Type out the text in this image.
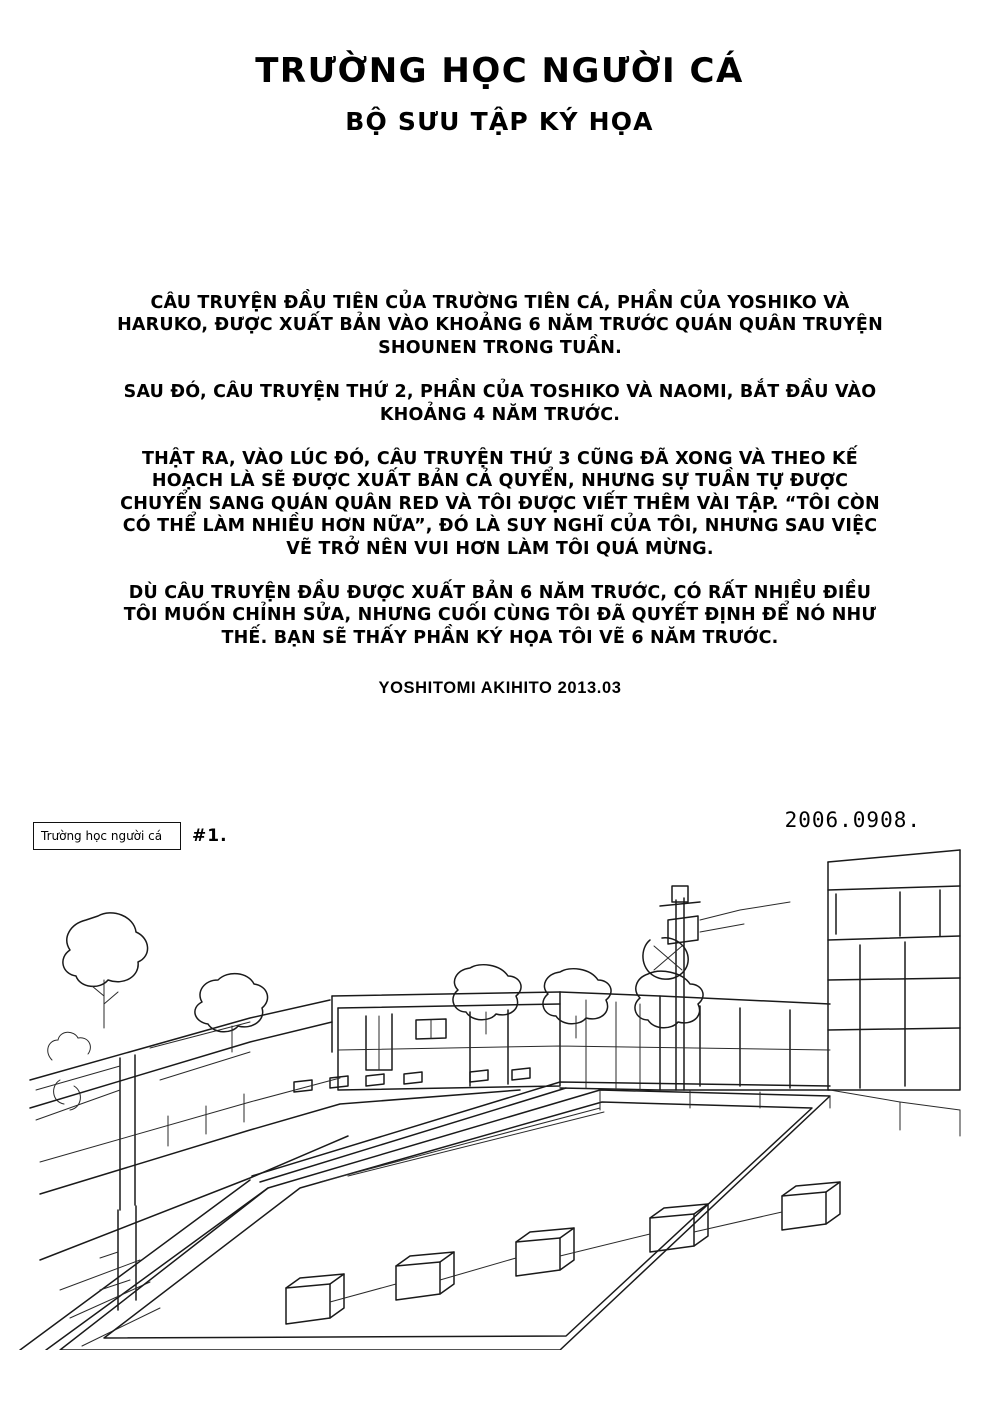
TRƯỜNG HỌC NGƯỜI CÁ
BỘ SƯU TẬP KÝ HỌA

CÂU TRUYỆN ĐẦU TIÊN CỦA TRƯỜNG TIÊN CÁ, PHẦN CỦA YOSHIKO VÀ HARUKO, ĐƯỢC XUẤT BẢN VÀO KHOẢNG 6 NĂM TRƯỚC QUÁN QUÂN TRUYỆN SHOUNEN TRONG TUẦN.

SAU ĐÓ, CÂU TRUYỆN THỨ 2, PHẦN CỦA TOSHIKO VÀ NAOMI, BẮT ĐẦU VÀO KHOẢNG 4 NĂM TRƯỚC.

THẬT RA, VÀO LÚC ĐÓ, CÂU TRUYỆN THỨ 3 CŨNG ĐÃ XONG VÀ THEO KẾ HOẠCH LÀ SẼ ĐƯỢC XUẤT BẢN CẢ QUYỂN, NHƯNG SỰ TUẦN TỰ ĐƯỢC CHUYỂN SANG QUÁN QUÂN RED VÀ TÔI ĐƯỢC VIẾT THÊM VÀI TẬP. “TÔI CÒN CÓ THỂ LÀM NHIỀU HƠN NỮA”, ĐÓ LÀ SUY NGHĨ CỦA TÔI, NHƯNG SAU VIỆC VẼ TRỞ NÊN VUI HƠN LÀM TÔI QUÁ MỪNG.

DÙ CÂU TRUYỆN ĐẦU ĐƯỢC XUẤT BẢN 6 NĂM TRƯỚC, CÓ RẤT NHIỀU ĐIỀU TÔI MUỐN CHỈNH SỬA, NHƯNG CUỐI CÙNG TÔI ĐÃ QUYẾT ĐỊNH ĐỂ NÓ NHƯ THẾ. BẠN SẼ THẤY PHẦN KÝ HỌA TÔI VẼ 6 NĂM TRƯỚC.

YOSHITOMI AKIHITO 2013.03
Trường học người cá	#1.
2006.0908.
